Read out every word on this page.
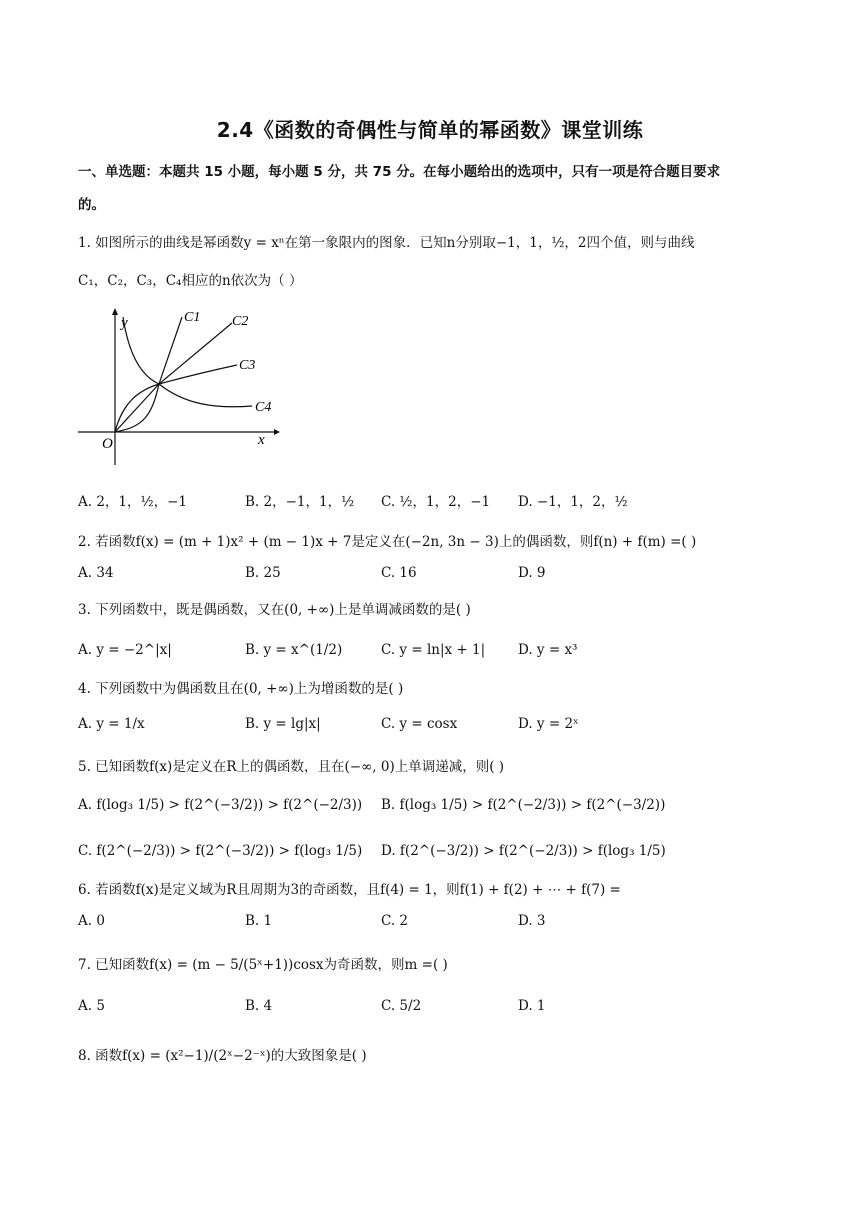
2.4《函数的奇偶性与简单的幂函数》课堂训练
一、单选题：本题共 15 小题，每小题 5 分，共 75 分。在每小题给出的选项中，只有一项是符合题目要求
的。
1. 如图所示的曲线是幂函数y = xⁿ在第一象限内的图象．已知n分别取−1，1，½，2四个值，则与曲线
C₁，C₂，C₃，C₄相应的n依次为（ ）
y
x
O
C1 C2
C3
C4
A. 2，1，½，−1	B. 2，−1，1，½ C. ½，1，2，−1 D. −1，1，2，½
2. 若函数f(x) = (m + 1)x² + (m − 1)x + 7是定义在(−2n, 3n − 3)上的偶函数，则f(n) + f(m) =( )
A. 34	B. 25	C. 16	D. 9
3. 下列函数中，既是偶函数，又在(0, +∞)上是单调减函数的是( )
A. y = −2^|x|	B. y = x^(1/2)	C. y = ln|x + 1| D. y = x³
4. 下列函数中为偶函数且在(0, +∞)上为增函数的是( )
A. y = 1/x	B. y = lg|x|	C. y = cosx	D. y = 2ˣ
5. 已知函数f(x)是定义在R上的偶函数，且在(−∞, 0)上单调递减，则( )
A. f(log₃ 1/5) > f(2^(−3/2)) > f(2^(−2/3)) B. f(log₃ 1/5) > f(2^(−2/3)) > f(2^(−3/2))
C. f(2^(−2/3)) > f(2^(−3/2)) > f(log₃ 1/5) D. f(2^(−3/2)) > f(2^(−2/3)) > f(log₃ 1/5)
6. 若函数f(x)是定义域为R且周期为3的奇函数，且f(4) = 1，则f(1) + f(2) + ⋯ + f(7) =
A. 0	B. 1	C. 2	D. 3
7. 已知函数f(x) = (m − 5/(5ˣ+1))cosx为奇函数，则m =( )
A. 5	B. 4	C. 5/2	D. 1
8. 函数f(x) = (x²−1)/(2ˣ−2⁻ˣ)的大致图象是( )
